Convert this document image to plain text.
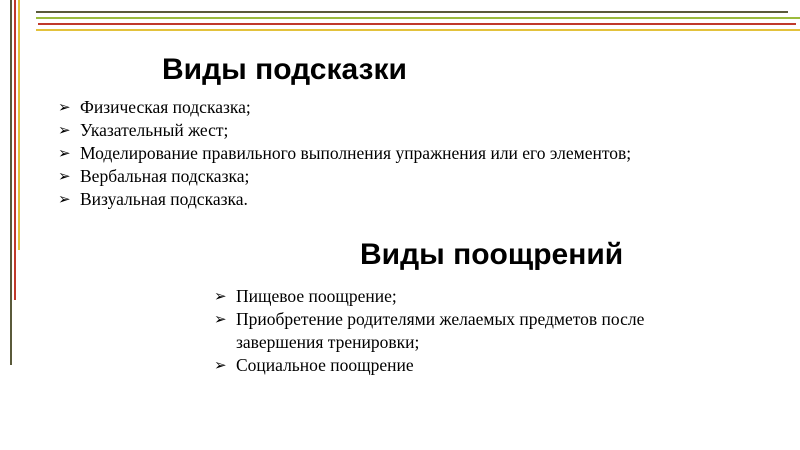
Виды подсказки
➢ Физическая подсказка;
➢ Указательный жест;
➢ Моделирование правильного выполнения упражнения или его элементов;
➢ Вербальная подсказка;
➢ Визуальная подсказка.
Виды поощрений
➢ Пищевое поощрение;
➢ Приобретение родителями желаемых предметов после завершения тренировки;
➢ Социальное поощрение
